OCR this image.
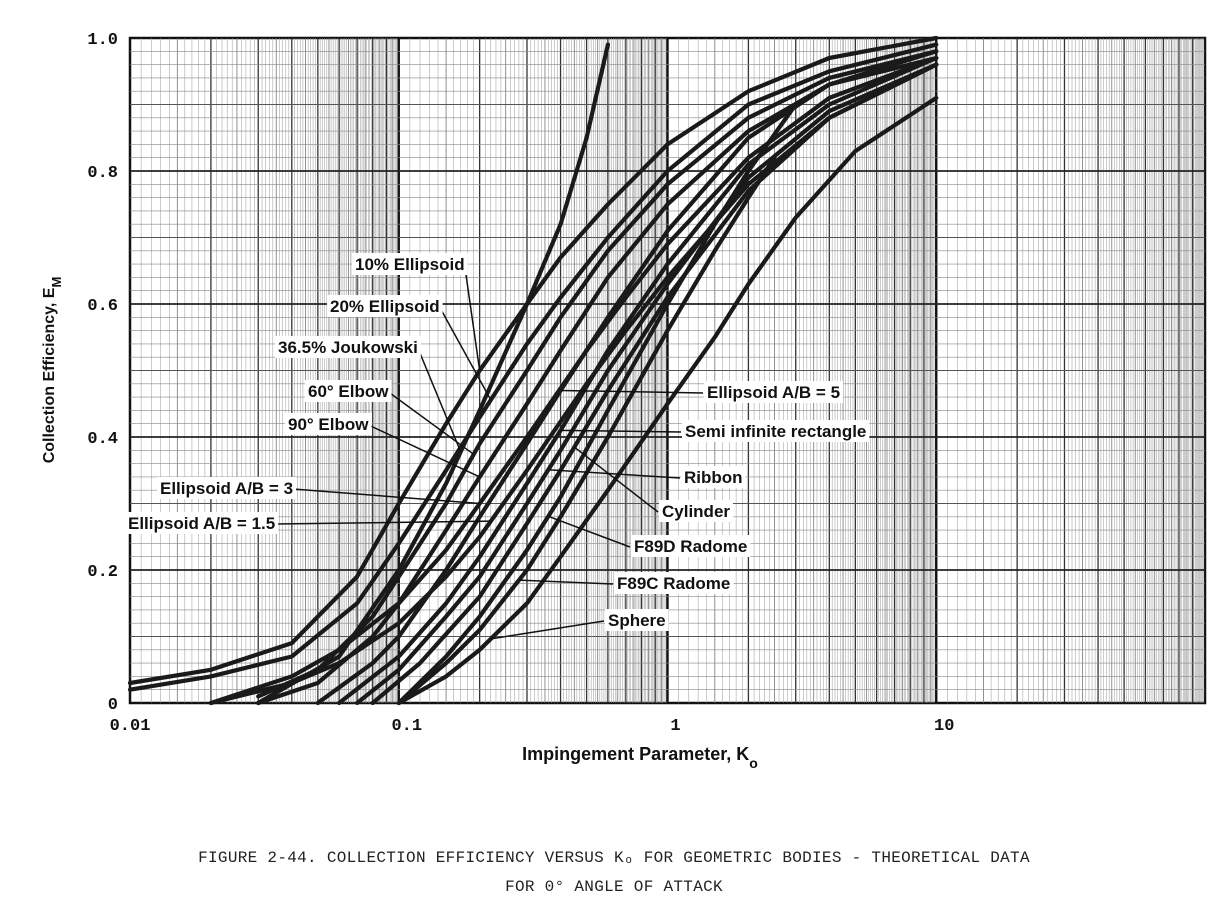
10% Ellipsoid
20% Ellipsoid
36.5% Joukowski
60° Elbow
90° Elbow
Ellipsoid A/B = 3
Ellipsoid A/B = 1.5
Ellipsoid A/B = 5
Semi infinite rectangle
Ribbon
Cylinder
F89D Radome
F89C Radome
Sphere
0.01	0.1	1	10
0
0.2
0.4
0.6
0.8
1.0
Impingement Parameter, $K_o$
Collection Efficiency, $E_M$
FIGURE 2-44. COLLECTION EFFICIENCY VERSUS Kₒ FOR GEOMETRIC BODIES - THEORETICAL DATA
FOR 0° ANGLE OF ATTACK
